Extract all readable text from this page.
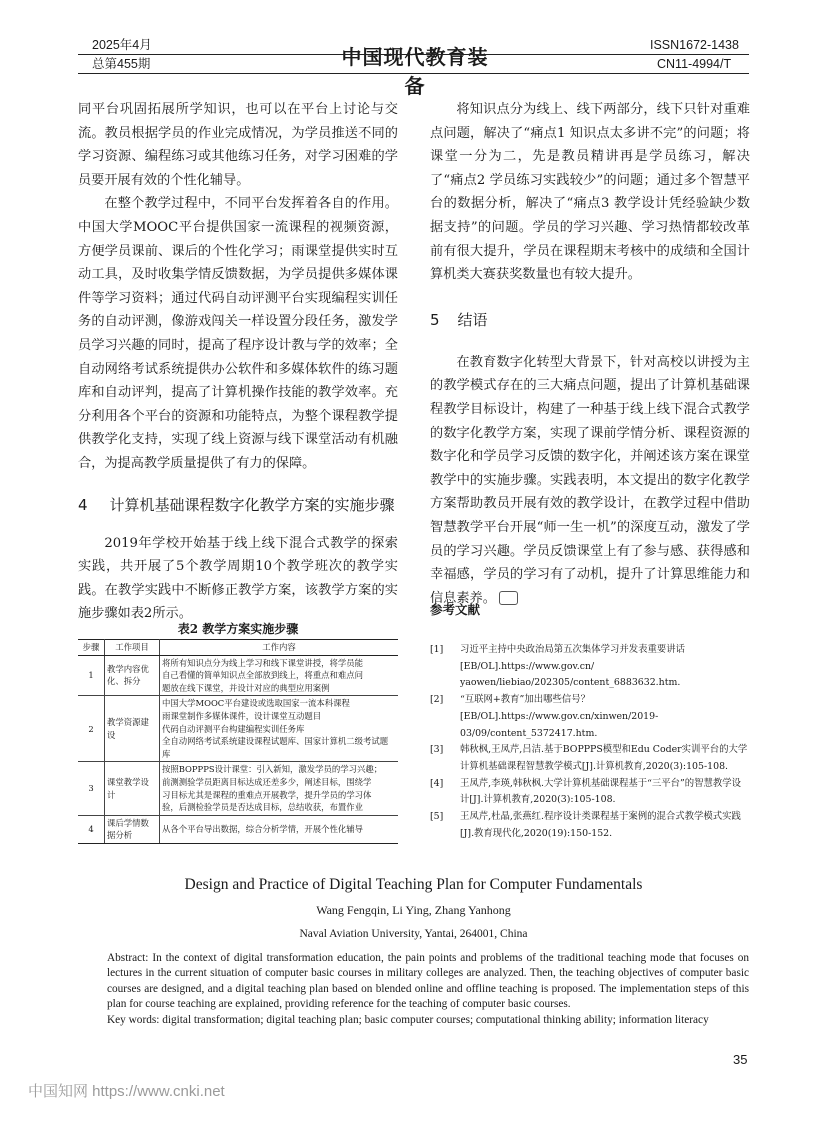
2025年4月
总第455期	中国现代教育装备
ISSN1672-1438
CN11-4994/T

同平台巩固拓展所学知识，也可以在平台上讨论与交流。教员根据学员的作业完成情况，为学员推送不同的学习资源、编程练习或其他练习任务，对学习困难的学员要开展有效的个性化辅导。

在整个教学过程中，不同平台发挥着各自的作用。中国大学MOOC平台提供国家一流课程的视频资源，方便学员课前、课后的个性化学习；雨课堂提供实时互动工具，及时收集学情反馈数据，为学员提供多媒体课件等学习资料；通过代码自动评测平台实现编程实训任务的自动评测，像游戏闯关一样设置分段任务，激发学员学习兴趣的同时，提高了程序设计教与学的效率；全自动网络考试系统提供办公软件和多媒体软件的练习题库和自动评判，提高了计算机操作技能的教学效率。充分利用各个平台的资源和功能特点，为整个课程教学提供教学化支持，实现了线上资源与线下课堂活动有机融合，为提高教学质量提供了有力的保障。

4 计算机基础课程数字化教学方案的实施步骤

2019年学校开始基于线上线下混合式教学的探索实践，共开展了5个教学周期10个教学班次的教学实践。在教学实践中不断修正教学方案，该教学方案的实施步骤如表2所示。

表2 教学方案实施步骤
步骤	工作项目	工作内容
1	教学内容优化、拆分	将所有知识点分为线上学习和线下课堂讲授，将学员能
自己看懂的简单知识点全部放到线上，将重点和难点问
题放在线下课堂，并设计对应的典型应用案例

2	教学资源建设	中国大学MOOC平台建设或选取国家一流本科课程
雨课堂制作多媒体课件，设计课堂互动题目
代码自动评测平台构建编程实训任务库
全自动网络考试系统建设课程试题库、国家计算机二级考试题库

3	课堂教学设计	按照BOPPPS设计课堂：引入新知，激发学员的学习兴趣；
前测测验学员距离目标达成还差多少，阐述目标，围绕学
习目标尤其是课程的重难点开展教学，提升学员的学习体
验，后测检验学员是否达成目标，总结收获，布置作业

4	课后学情数据分析	从各个平台导出数据，综合分析学情，开展个性化辅导

将知识点分为线上、线下两部分，线下只针对重难点问题，解决了“痛点1 知识点太多讲不完”的问题；将课堂一分为二，先是教员精讲再是学员练习，解决了“痛点2 学员练习实践较少”的问题；通过多个智慧平台的数据分析，解决了“痛点3 教学设计凭经验缺少数据支持”的问题。学员的学习兴趣、学习热情都较改革前有很大提升，学员在课程期末考核中的成绩和全国计算机类大赛获奖数量也有较大提升。

5 结语

在教育数字化转型大背景下，针对高校以讲授为主的教学模式存在的三大痛点问题，提出了计算机基础课程教学目标设计，构建了一种基于线上线下混合式教学的数字化教学方案，实现了课前学情分析、课程资源的数字化和学员学习反馈的数字化，并阐述该方案在课堂教学中的实施步骤。实践表明，本文提出的数字化教学方案帮助教员开展有效的教学设计，在教学过程中借助智慧教学平台开展“师一生一机”的深度互动，激发了学员的学习兴趣。学员反馈课堂上有了参与感、获得感和幸福感，学员的学习有了动机，提升了计算思维能力和信息素养。

参考文献
[1]	习近平主持中央政治局第五次集体学习并发表重要讲话[EB/OL].https://www.gov.cn/ yaowen/liebiao/202305/content_6883632.htm.
[2]	“互联网+教育”加出哪些信号？[EB/OL].https://www.gov.cn/xinwen/2019-03/09/content_5372417.htm.
[3]	韩秋枫,王凤芹,吕洁.基于BOPPPS模型和Edu Coder实训平台的大学计算机基础课程智慧教学模式[J].计算机教育,2020(3):105-108.
[4]	王凤芹,李瑛,韩秋枫.大学计算机基础课程基于“三平台”的智慧教学设计[J].计算机教育,2020(3):105-108.
[5]	王凤芹,杜晶,张燕红.程序设计类课程基于案例的混合式教学模式实践[J].教育现代化,2020(19):150-152.
Design and Practice of Digital Teaching Plan for Computer Fundamentals
Wang Fengqin, Li Ying, Zhang Yanhong
Naval Aviation University, Yantai, 264001, China

Abstract: In the context of digital transformation education, the pain points and problems of the traditional teaching mode that focuses on lectures in the current situation of computer basic courses in military colleges are analyzed. Then, the teaching objectives of computer basic courses are designed, and a digital teaching plan based on blended online and offline teaching is proposed. The implementation steps of this plan for course teaching are explained, providing reference for the teaching of computer basic courses.

Key words: digital transformation; digital teaching plan; basic computer courses; computational thinking ability; information literacy

35
中国知网 https://www.cnki.net
